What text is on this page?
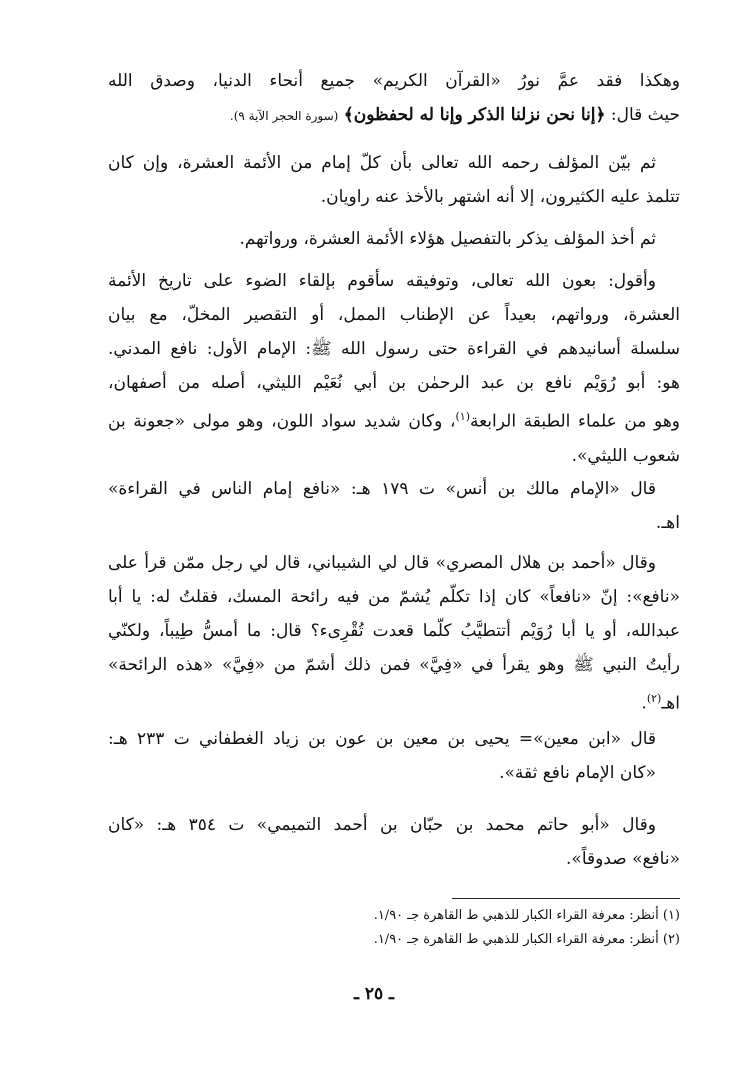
وهكذا فقد عمَّ نورُ «القرآن الكريم» جميع أنحاء الدنيا، وصدق الله
حيث قال: ﴿إنا نحن نزلنا الذكر وإنا له لحفظون﴾ (سورة الحجر الآية ٩).
ثم بيّن المؤلف رحمه الله تعالى بأن كلّ إمام من الأئمة العشرة، وإن كان
تتلمذ عليه الكثيرون، إلا أنه اشتهر بالأخذ عنه راويان.
ثم أخذ المؤلف يذكر بالتفصيل هؤلاء الأئمة العشرة، ورواتهم.
وأقول: بعون الله تعالى، وتوفيقه سأقوم بإلقاء الضوء على تاريخ الأئمة
العشرة، ورواتهم، بعيداً عن الإطناب الممل، أو التقصير المخلّ، مع بيان
سلسلة أسانيدهم في القراءة حتى رسول الله ﷺ: الإمام الأول: نافع المدني.
هو: أبو رُوَيْم نافع بن عبد الرحمٰن بن أبي نُعَيْم الليثي، أصله من أصفهان،
وهو من علماء الطبقة الرابعة$^{(١)}$، وكان شديد سواد اللون، وهو مولى «جعونة بن
شعوب الليثي».
قال «الإمام مالك بن أنس» ت ١٧٩ هـ: «نافع إمام الناس في القراءة»
اهـ.
وقال «أحمد بن هلال المصري» قال لي الشيباني، قال لي رجل ممّن قرأ على
«نافع»: إنّ «نافعاً» كان إذا تكلّم يُشمّ من فيه رائحة المسك، فقلتُ له: يا أبا
عبدالله، أو يا أبا رُوَيْم أتتطيَّبُ كلّما قعدت تُقْرِىء؟ قال: ما أمسُّ طِيباً، ولكنّي
رأيتُ النبي ﷺ وهو يقرأ في «فِيَّ» فمن ذلك أشمّ من «فِيَّ» «هذه الرائحة»
اهـ$^{(٢)}$.
قال «ابن معين»= يحيى بن معين بن عون بن زياد الغطفاني ت ٢٣٣ هـ:
«كان الإمام نافع ثقة».
وقال «أبو حاتم محمد بن حبّان بن أحمد التميمي» ت ٣٥٤ هـ: «كان
«نافع» صدوقاً».
(١) أنظر: معرفة القراء الكبار للذهبي ط القاهرة جـ ١/٩٠.
(٢) أنظر: معرفة القراء الكبار للذهبي ط القاهرة جـ ١/٩٠.
ـ ٢٥ ـ
